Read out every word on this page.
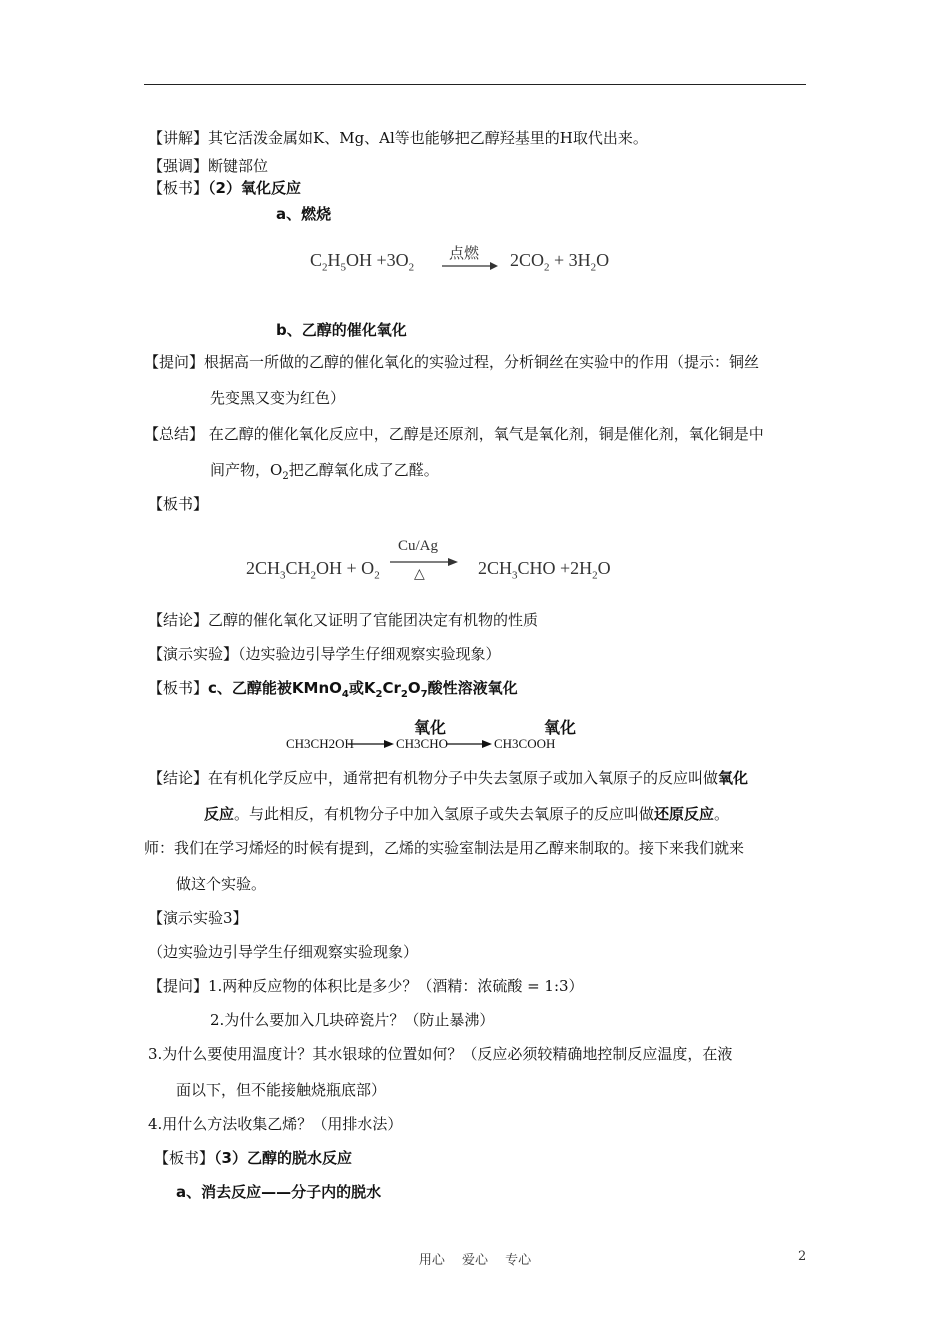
【讲解】其它活泼金属如K、Mg、Al等也能够把乙醇羟基里的H取代出来。
【强调】断键部位
【板书】（2）氧化反应
a、燃烧
$C_2H_5OH +3O_2$
点燃 $2CO_2 + 3H_2O$
b、乙醇的催化氧化
【提问】根据高一所做的乙醇的催化氧化的实验过程，分析铜丝在实验中的作用（提示：铜丝
先变黑又变为红色）
【总结】 在乙醇的催化氧化反应中，乙醇是还原剂，氧气是氧化剂，铜是催化剂，氧化铜是中
间产物，$O_2$把乙醇氧化成了乙醛。
【板书】
$2CH_3CH_2OH + O_2$
Cu/Ag
△	$2CH_3CHO +2H_2O$
【结论】乙醇的催化氧化又证明了官能团决定有机物的性质
【演示实验】（边实验边引导学生仔细观察实验现象）
【板书】c、乙醇能被KMnO$_4$或$K_2Cr_2O_7$酸性溶液氧化
氧化	氧化
CH3CH2OH	CH3CHO	CH3COOH
【结论】在有机化学反应中，通常把有机物分子中失去氢原子或加入氧原子的反应叫做氧化
反应。与此相反，有机物分子中加入氢原子或失去氧原子的反应叫做还原反应。
师：我们在学习烯烃的时候有提到，乙烯的实验室制法是用乙醇来制取的。接下来我们就来
做这个实验。
【演示实验3】
（边实验边引导学生仔细观察实验现象）
【提问】1.两种反应物的体积比是多少？（酒精：浓硫酸 = 1:3）
2.为什么要加入几块碎瓷片？（防止暴沸）
3.为什么要使用温度计？其水银球的位置如何？（反应必须较精确地控制反应温度，在液
面以下，但不能接触烧瓶底部）
4.用什么方法收集乙烯？（用排水法）
【板书】（3）乙醇的脱水反应
a、消去反应——分子内的脱水
用心　 爱心　 专心	2
